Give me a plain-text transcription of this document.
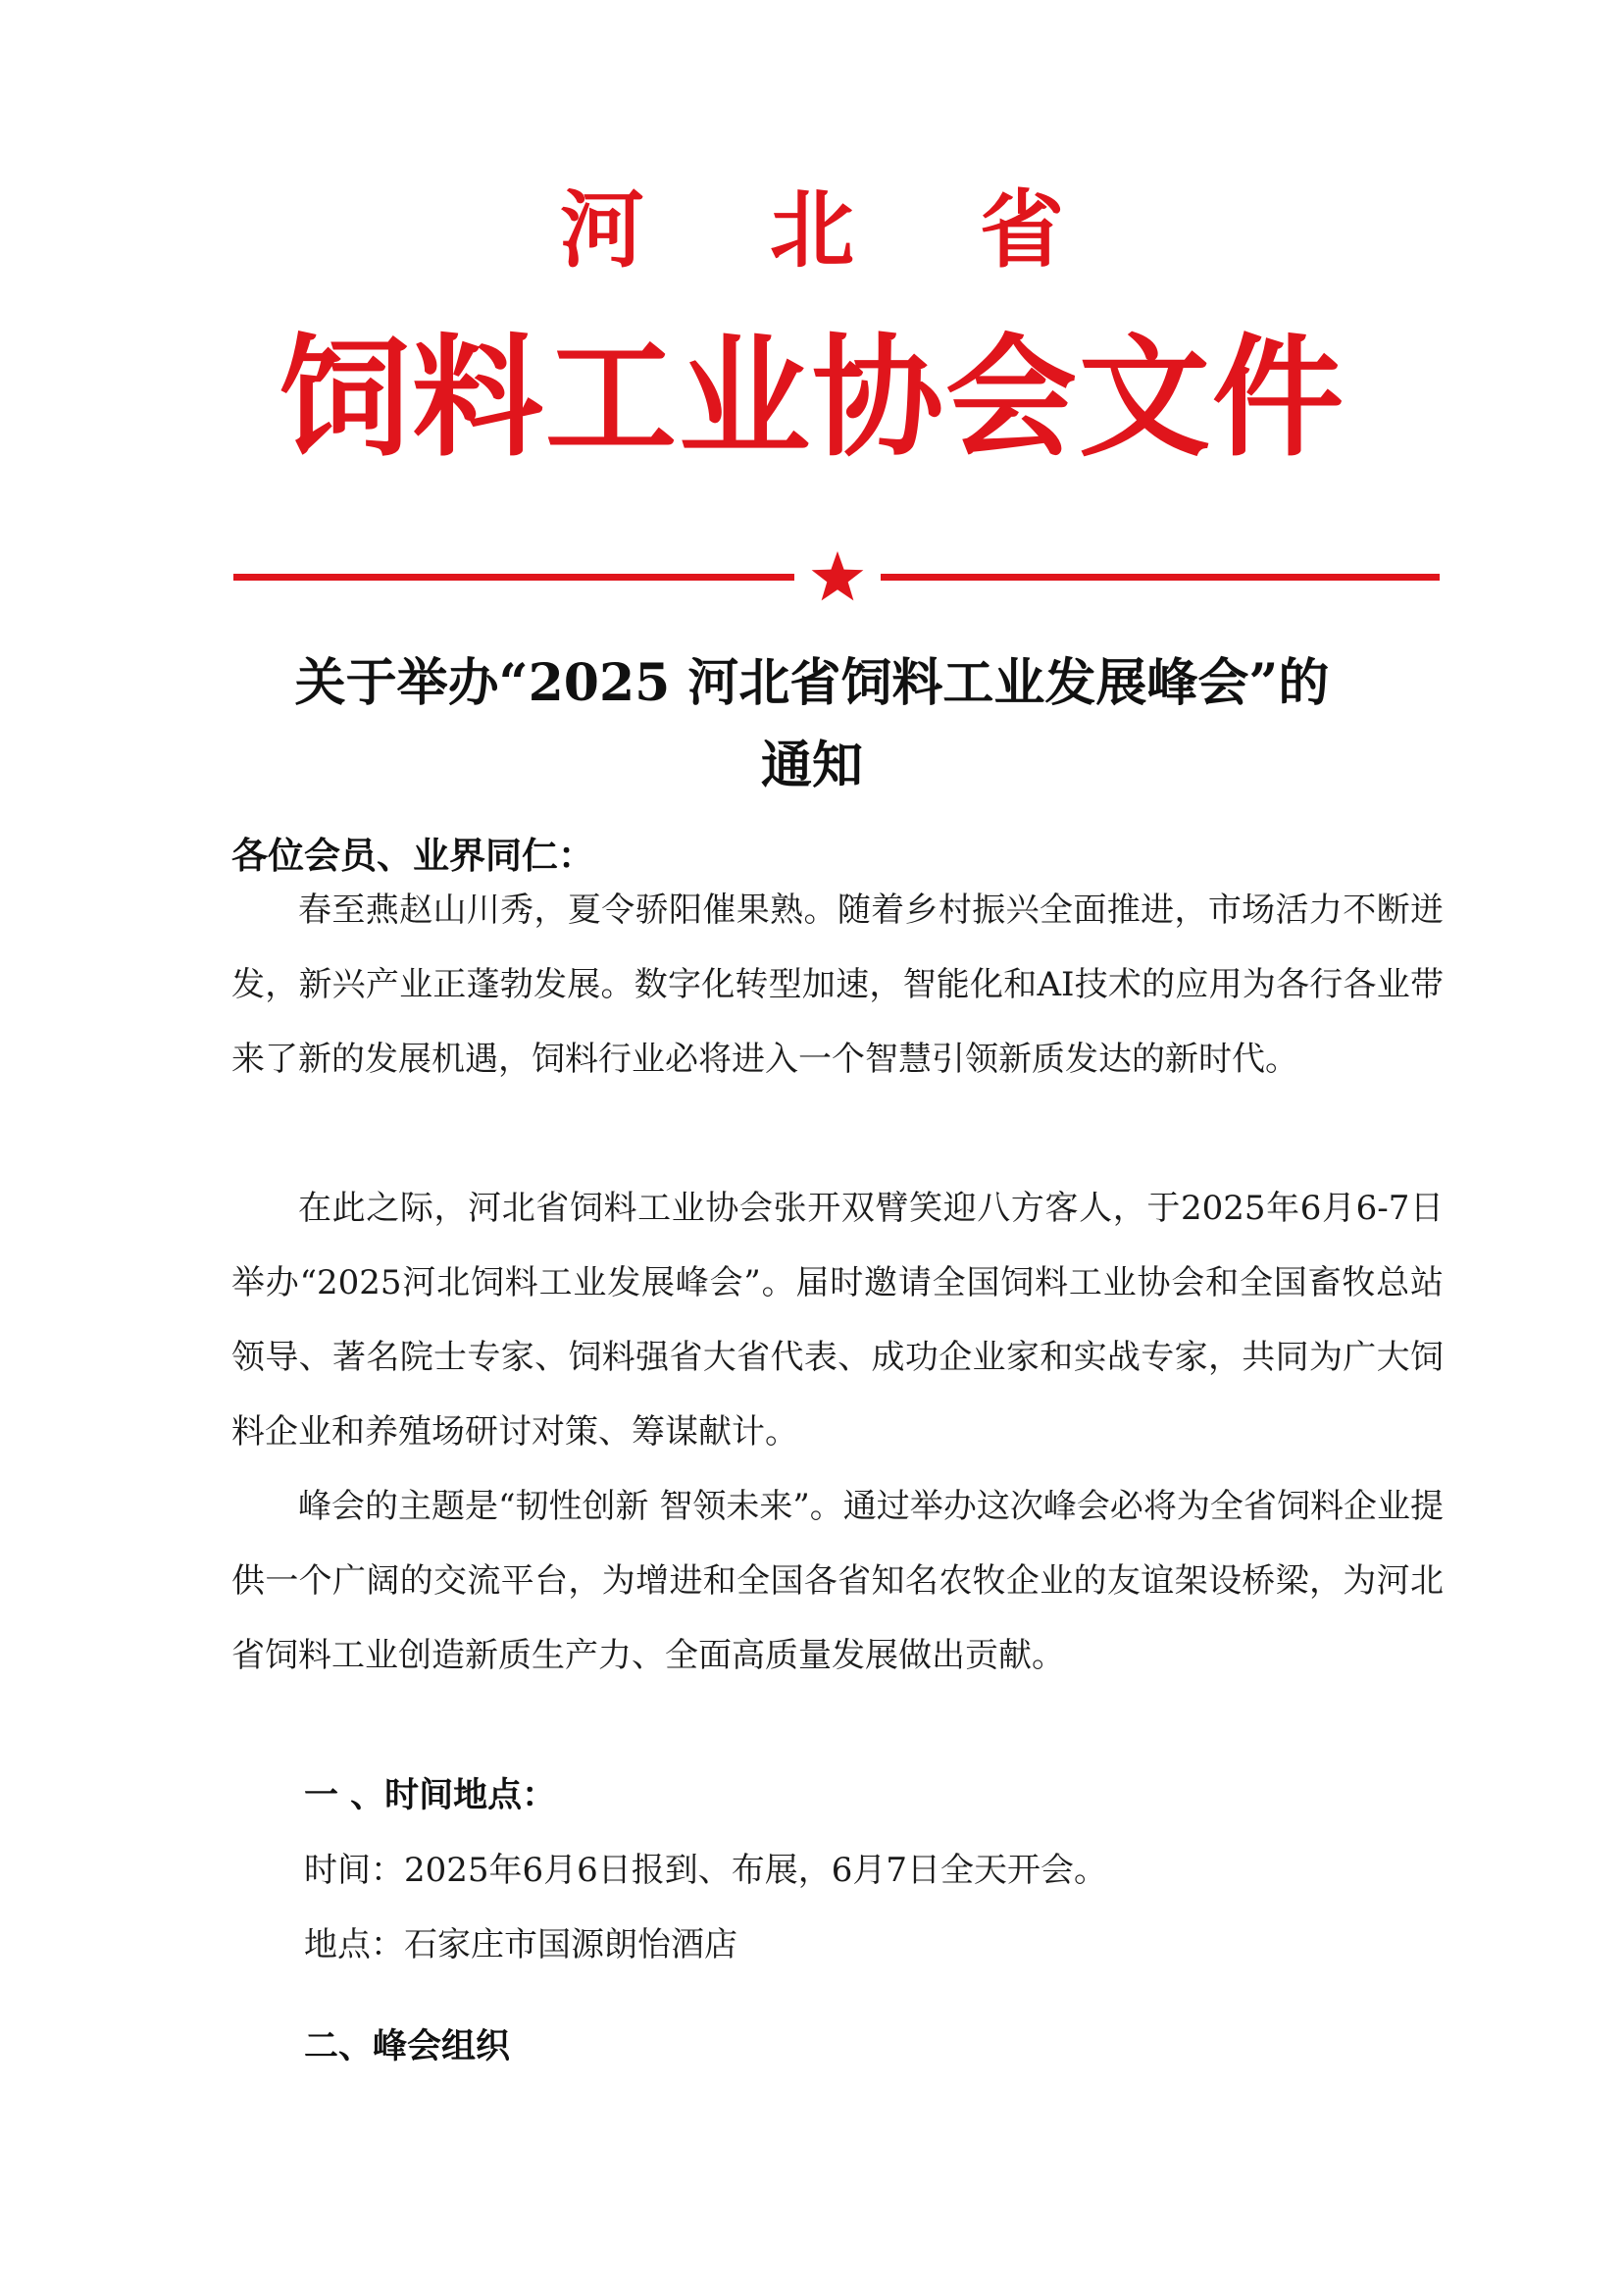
河 北 省
饲料工业协会文件
关于举办“2025 河北省饲料工业发展峰会”的
通知
各位会员、业界同仁：

春至燕赵山川秀，夏令骄阳催果熟。随着乡村振兴全面推进，市场活力不断迸发，新兴产业正蓬勃发展。数字化转型加速，智能化和AI技术的应用为各行各业带来了新的发展机遇，饲料行业必将进入一个智慧引领新质发达的新时代。

在此之际，河北省饲料工业协会张开双臂笑迎八方客人，于2025年6月6-7日举办“2025河北饲料工业发展峰会”。届时邀请全国饲料工业协会和全国畜牧总站领导、著名院士专家、饲料强省大省代表、成功企业家和实战专家，共同为广大饲料企业和养殖场研讨对策、筹谋献计。

峰会的主题是“韧性创新 智领未来”。通过举办这次峰会必将为全省饲料企业提供一个广阔的交流平台，为增进和全国各省知名农牧企业的友谊架设桥梁，为河北省饲料工业创造新质生产力、全面高质量发展做出贡献。

一 、时间地点：
时间：2025年6月6日报到、布展，6月7日全天开会。
地点：石家庄市国源朗怡酒店
二、峰会组织
